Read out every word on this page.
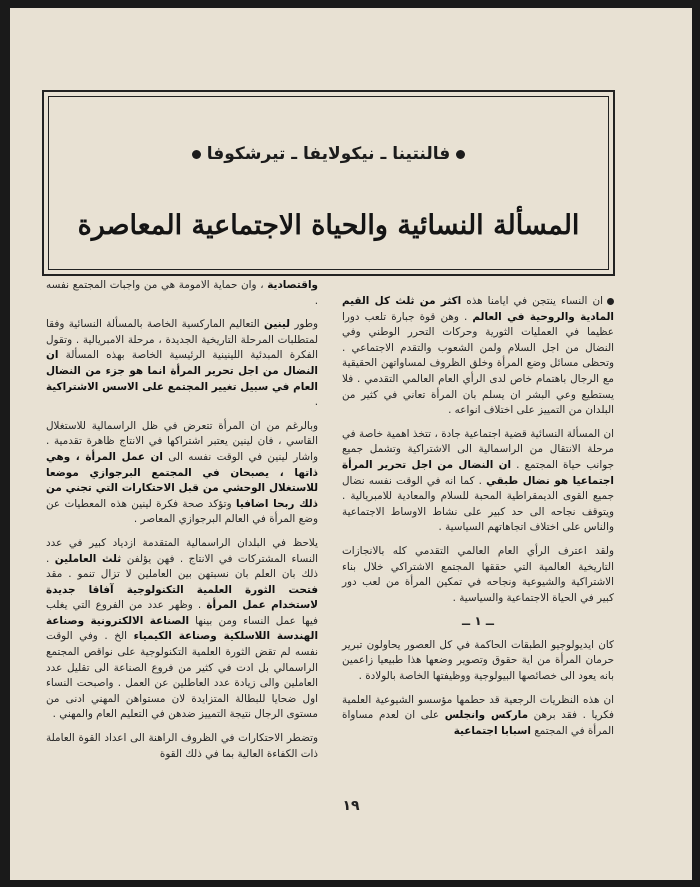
فالنتينا ـ نيكولايفا ـ تيرشكوفا
المسألة النسائية والحياة الاجتماعية المعاصرة

ان النساء ينتجن في ايامنا هذه اكثر من ثلث كل القيم المادية والروحية في العالم . وهن قوة جبارة تلعب دورا عظيما في العمليات الثورية وحركات التحرر الوطني وفي النضال من اجل السلام ولمن الشعوب والتقدم الاجتماعي . وتحظى مسائل وضع المرأة وخلق الظروف لمساواتهن الحقيقية مع الرجال باهتمام خاص لدى الرأي العام العالمي التقدمي . فلا يستطيع وعي البشر ان يسلم بان المرأة تعاني في كثير من البلدان من التمييز على اختلاف انواعه .

ان المسألة النسائية قضية اجتماعية جادة ، تتخذ اهمية خاصة في مرحلة الانتقال من الراسمالية الى الاشتراكية وتشمل جميع جوانب حياة المجتمع . ان النضال من اجل تحرير المرأة اجتماعيا هو نضال طبقي . كما انه في الوقت نفسه نضال جميع القوى الديمقراطية المحبة للسلام والمعادية للامبريالية . ويتوقف نجاحه الى حد كبير على نشاط الاوساط الاجتماعية والناس على اختلاف اتجاهاتهم السياسية .

ولقد اعترف الرأي العام العالمي التقدمي كله بالانجازات التاريخية العالمية التي حققها المجتمع الاشتراكي خلال بناء الاشتراكية والشيوعية ونجاحه في تمكين المرأة من لعب دور كبير في الحياة الاجتماعية والسياسية .

ــ ١ ــ

كان ايديولوجيو الطبقات الحاكمة في كل العصور يحاولون تبرير حرمان المرأة من اية حقوق وتصوير وضعها هذا طبيعيا زاعمين بانه يعود الى خصائصها البيولوجية ووظيفتها الخاصة بالولادة .

ان هذه النظريات الرجعية قد حطمها مؤسسو الشيوعية العلمية فكريا . فقد برهن ماركس وانجلس على ان لعدم مساواة المرأة في المجتمع اسبابا اجتماعية

واقتصادية ، وان حماية الامومة هي من واجبات المجتمع نفسه .

وطور لينين التعاليم الماركسية الخاصة بالمسألة النسائية وفقا لمتطلبات المرحلة التاريخية الجديدة ، مرحلة الامبريالية . وتقول الفكرة المبدئية اللينينية الرئيسية الخاصة بهذه المسألة ان النضال من اجل تحرير المرأة انما هو جزء من النضال العام في سبيل تغيير المجتمع على الاسس الاشتراكية .

وبالرغم من ان المرأة تتعرض في ظل الراسمالية للاستغلال القاسي ، فان لينين يعتبر اشتراكها في الانتاج ظاهرة تقدمية . واشار لينين في الوقت نفسه الى ان عمل المرأة ، وهي ذاتها ، يصبحان في المجتمع البرجوازي موضعا للاستغلال الوحشي من قبل الاحتكارات التي تجني من ذلك ربحا اضافيا وتؤكد صحة فكرة لينين هذه المعطيات عن وضع المرأة في العالم البرجوازي المعاصر .

يلاحظ في البلدان الراسمالية المتقدمة ازدياد كبير في عدد النساء المشتركات في الانتاج . فهن يؤلفن ثلث العاملين . ذلك بان العلم بان نسبتهن بين العاملين لا تزال تنمو . مقد فتحت الثورة العلمية التكنولوجية آفاقا جديدة لاستخدام عمل المرأة . وظهر عدد من الفروع التي يغلب فيها عمل النساء ومن بينها الصناعة الالكترونية وصناعة الهندسة اللاسلكية وصناعة الكيمياء الخ . وفي الوقت نفسه لم تقض الثورة العلمية التكنولوجية على نواقص المجتمع الراسمالي بل ادت في كثير من فروع الصناعة الى تقليل عدد العاملين والى زيادة عدد العاطلين عن العمل . واصبحت النساء اول ضحايا للبطالة المتزايدة لان مستواهن المهني ادنى من مستوى الرجال نتيجة التمييز ضدهن في التعليم العام والمهني .

وتضطر الاحتكارات في الظروف الراهنة الى اعداد القوة العاملة ذات الكفاءة العالية بما في ذلك القوة

١٩
